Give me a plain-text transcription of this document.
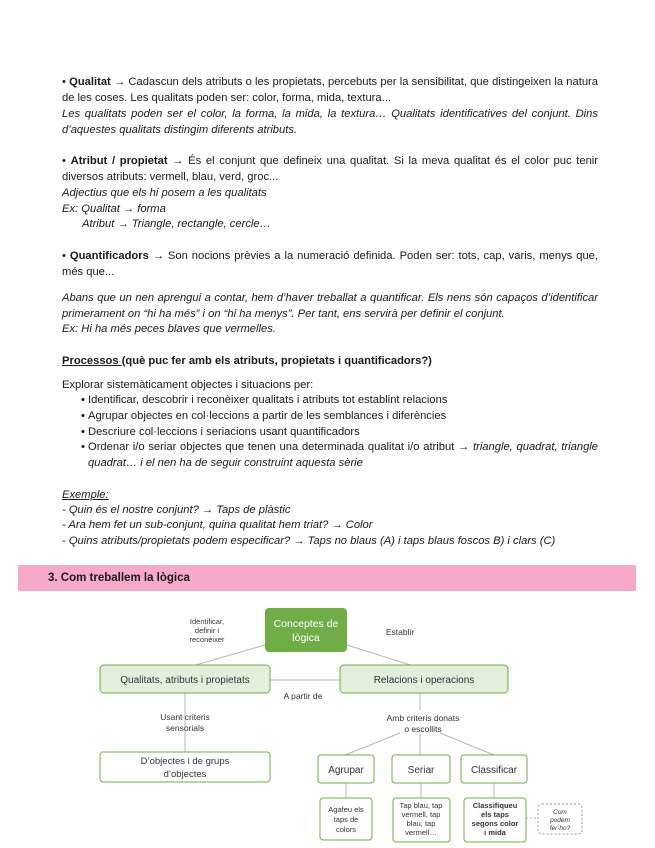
• Qualitat → Cadascun dels atributs o les propietats, percebuts per la sensibilitat, que distingeixen la natura de les coses. Les qualitats poden ser: color, forma, mida, textura...
Les qualitats poden ser el color, la forma, la mida, la textura… Qualitats identificatives del conjunt. Dins d’aquestes qualitats distingim diferents atributs.
• Atribut / propietat → És el conjunt que defineix una qualitat. Si la meva qualitat és el color puc tenir diversos atributs: vermell, blau, verd, groc...
Adjectius que els hi posem a les qualitats
Ex: Qualitat → forma
Atribut → Triangle, rectangle, cercle…
• Quantificadors → Son nocions prèvies a la numeració definida. Poden ser: tots, cap, varis, menys que, més que...
Abans que un nen aprengui a contar, hem d’haver treballat a quantificar. Els nens són capaços d’identificar primerament on “hi ha més” i on “hi ha menys”. Per tant, ens servirà per definir el conjunt.
Ex: Hi ha més peces blaves que vermelles.
Processos (què puc fer amb els atributs, propietats i quantificadors?)
Explorar sistemàticament objectes i situacions per:
• Identificar, descobrir i reconèixer qualitats i atributs tot establint relacions
• Agrupar objectes en col·leccions a partir de les semblances i diferències
• Descriure col·leccions i seriacions usant quantificadors
• Ordenar i/o seriar objectes que tenen una determinada qualitat i/o atribut → triangle, quadrat, triangle quadrat… i el nen ha de seguir construint aquesta sèrie
Exemple:
- Quin és el nostre conjunt? → Taps de plàstic
- Ara hem fet un sub-conjunt, quina qualitat hem triat? → Color
- Quins atributs/propietats podem especificar? → Taps no blaus (A) i taps blaus foscos B) i clars (C)
3. Com treballem la lògica
Conceptes de
lògica
Identificar,
definir i
reconèixer
Establir
Qualitats, atributs i propietats	Relacions i operacions
A partir de
Usant criteris
sensorials
D’objectes i de grups
d’objectes
Amb criteris donats
o escollits
Agrupar	Seriar	Classificar
Agafeu els
taps de
colors
Tap blau, tap
vermell, tap
blau, tap
vermell…
Classifiqueu
els taps
segons color
i mida
Com
podem
fer-ho?
